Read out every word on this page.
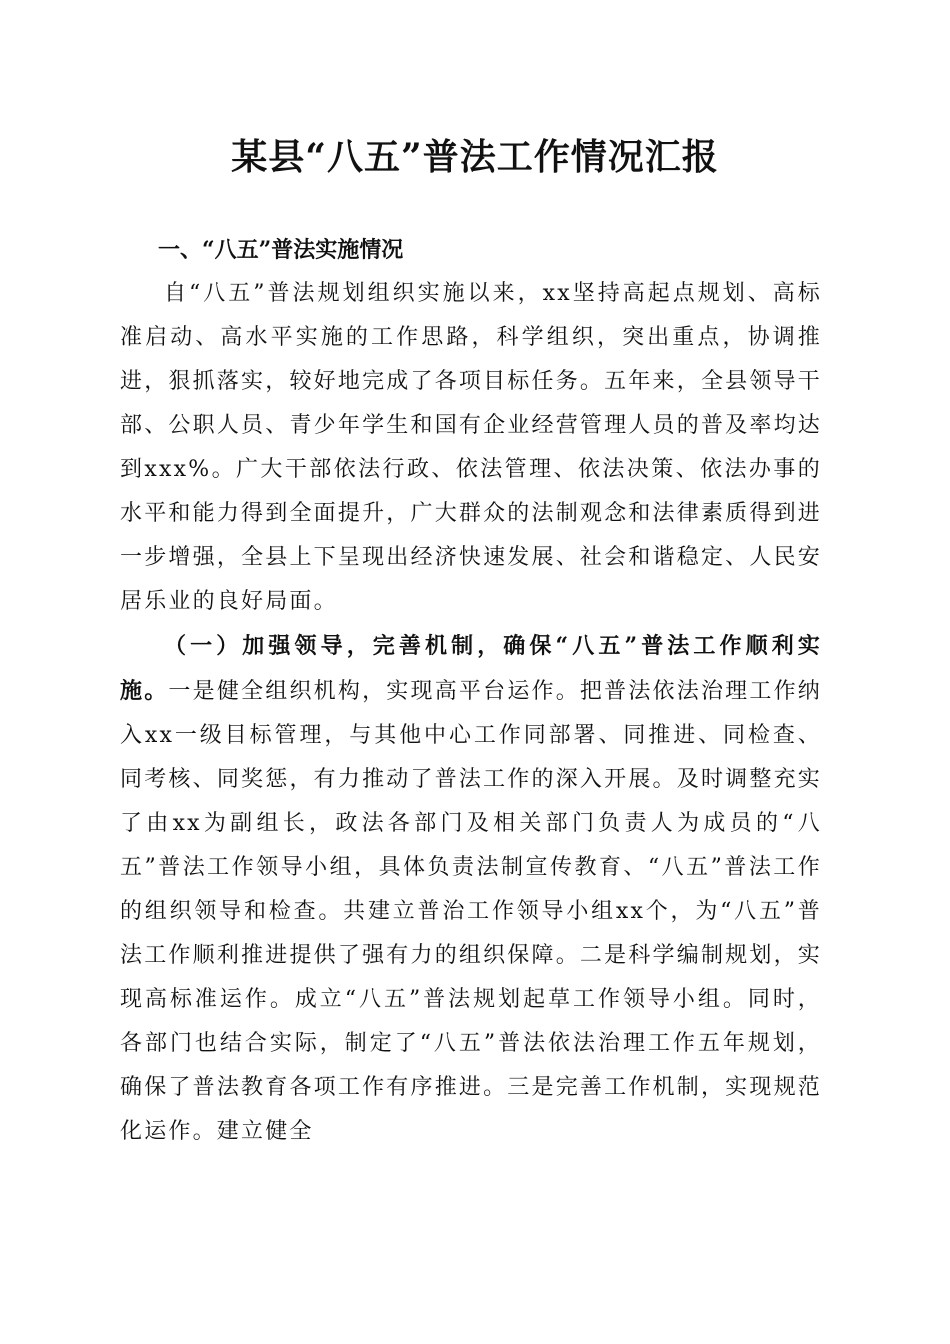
某县“八五”普法工作情况汇报
一、“八五”普法实施情况

自“八五”普法规划组织实施以来，xx坚持高起点规划、高标准启动、高水平实施的工作思路，科学组织，突出重点，协调推进，狠抓落实，较好地完成了各项目标任务。五年来，全县领导干部、公职人员、青少年学生和国有企业经营管理人员的普及率均达到xxx%。广大干部依法行政、依法管理、依法决策、依法办事的水平和能力得到全面提升，广大群众的法制观念和法律素质得到进一步增强，全县上下呈现出经济快速发展、社会和谐稳定、人民安居乐业的良好局面。

（一）加强领导，完善机制，确保“八五”普法工作顺利实施。一是健全组织机构，实现高平台运作。把普法依法治理工作纳入xx一级目标管理，与其他中心工作同部署、同推进、同检查、同考核、同奖惩，有力推动了普法工作的深入开展。及时调整充实了由xx为副组长，政法各部门及相关部门负责人为成员的“八五”普法工作领导小组，具体负责法制宣传教育、“八五”普法工作的组织领导和检查。共建立普治工作领导小组xx个，为“八五”普法工作顺利推进提供了强有力的组织保障。二是科学编制规划，实现高标准运作。成立“八五”普法规划起草工作领导小组。同时，各部门也结合实际，制定了“八五”普法依法治理工作五年规划，确保了普法教育各项工作有序推进。三是完善工作机制，实现规范化运作。建立健全
